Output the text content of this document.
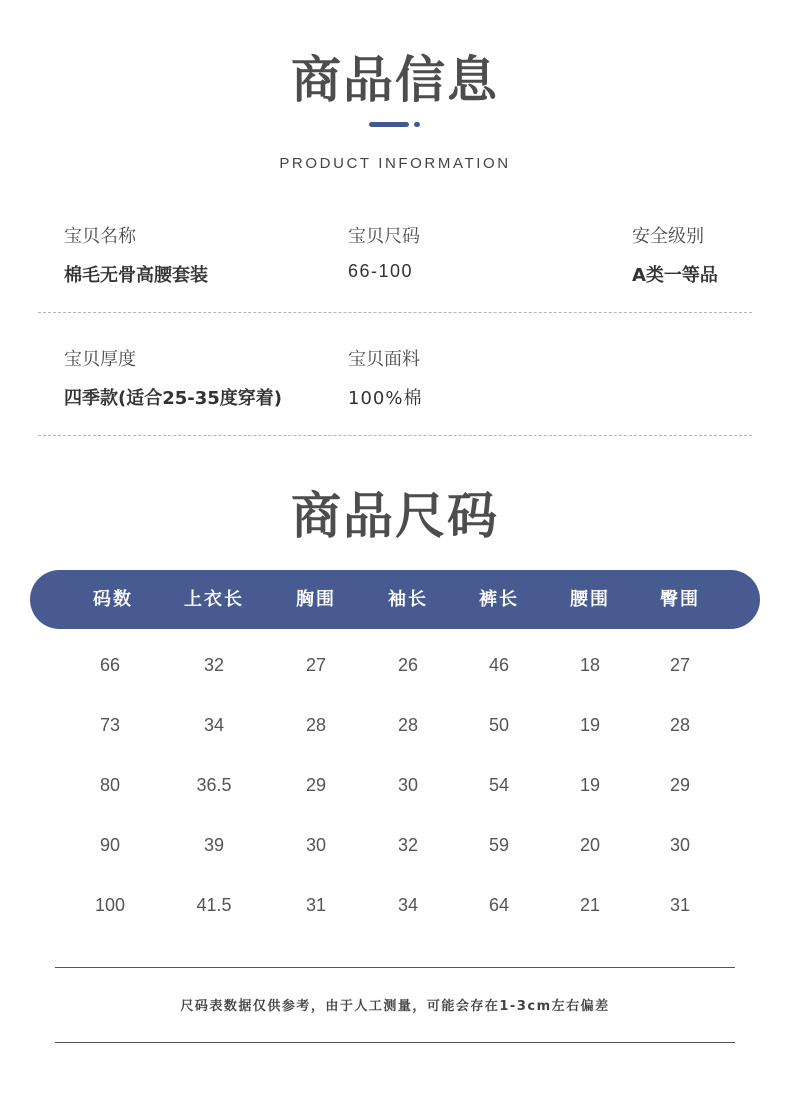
商品信息
PRODUCT INFORMATION
宝贝名称
棉毛无骨高腰套装
宝贝尺码
66-100
安全级别
A类一等品
宝贝厚度
四季款(适合25-35度穿着)
宝贝面料
100%棉
商品尺码
码数	上衣长	胸围	袖长	裤长	腰围	臀围
66	32	27	26	46	18	27
73	34	28	28	50	19	28
80	36.5	29	30	54	19	29
90	39	30	32	59	20	30
100	41.5	31	34	64	21	31
尺码表数据仅供参考，由于人工测量，可能会存在1-3cm左右偏差
